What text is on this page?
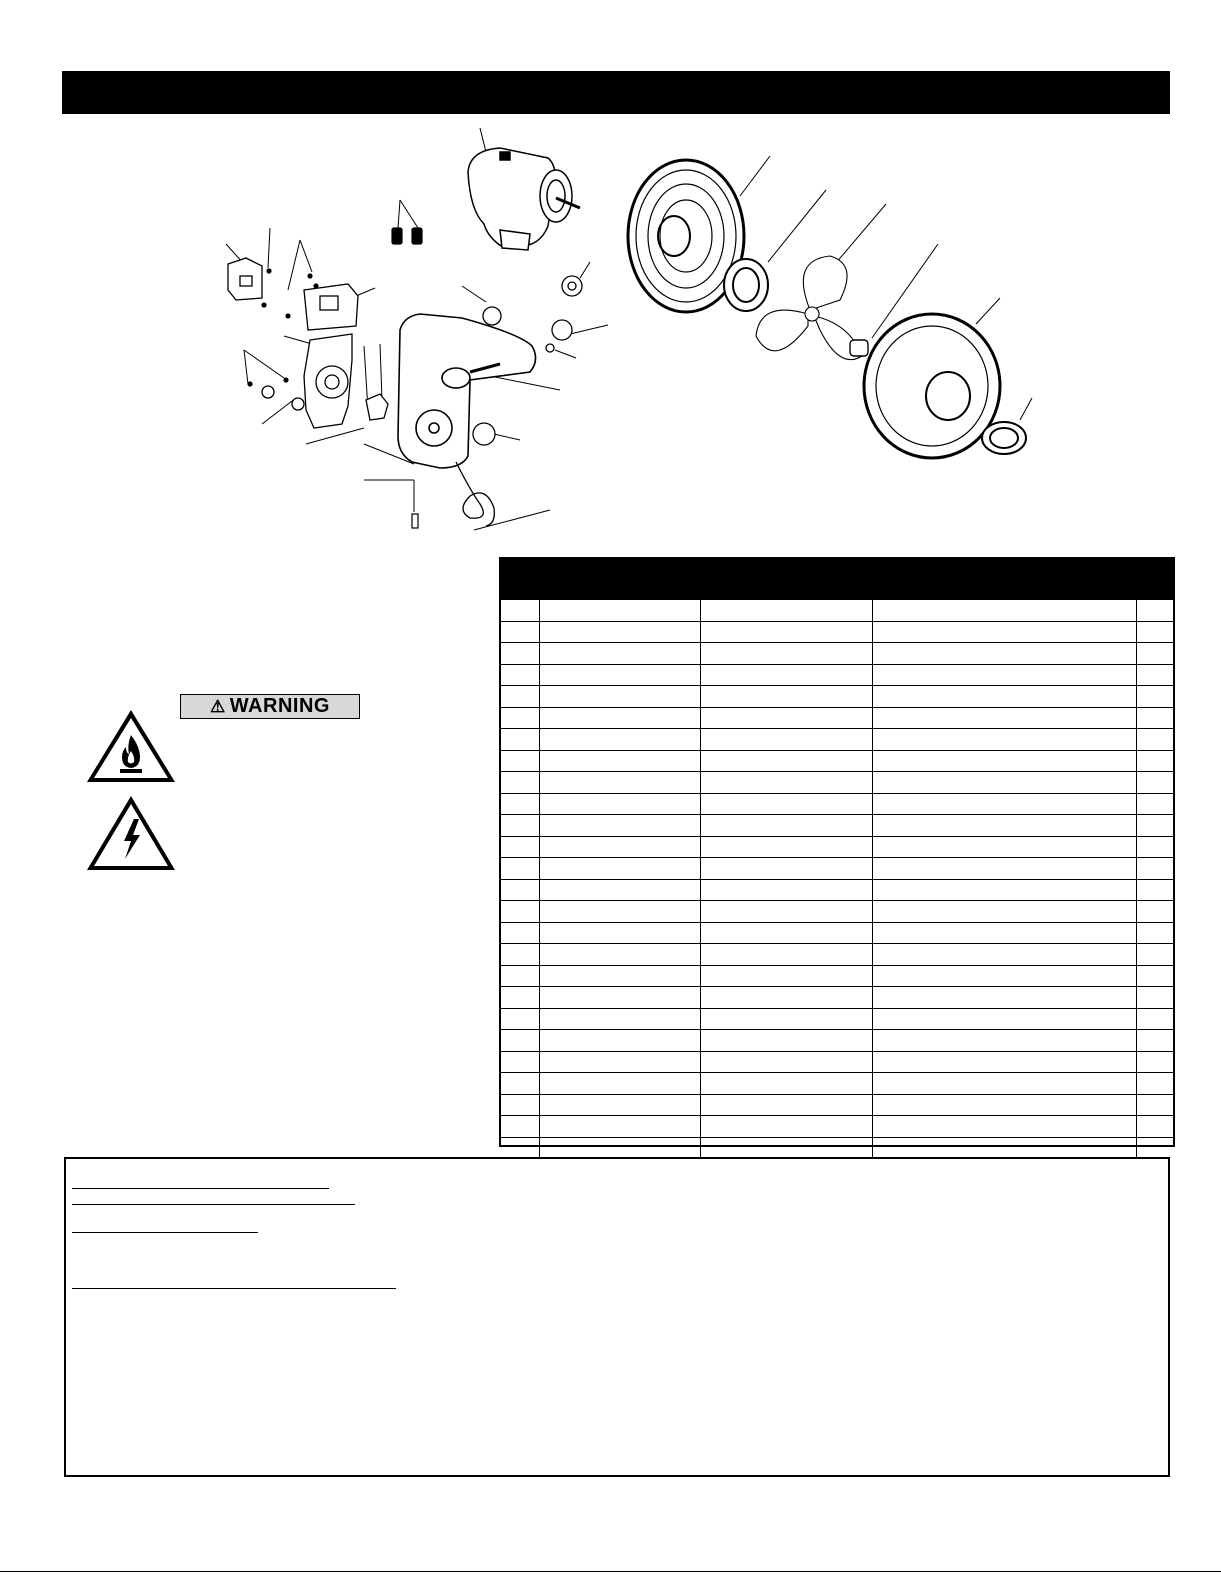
⚠ WARNING
